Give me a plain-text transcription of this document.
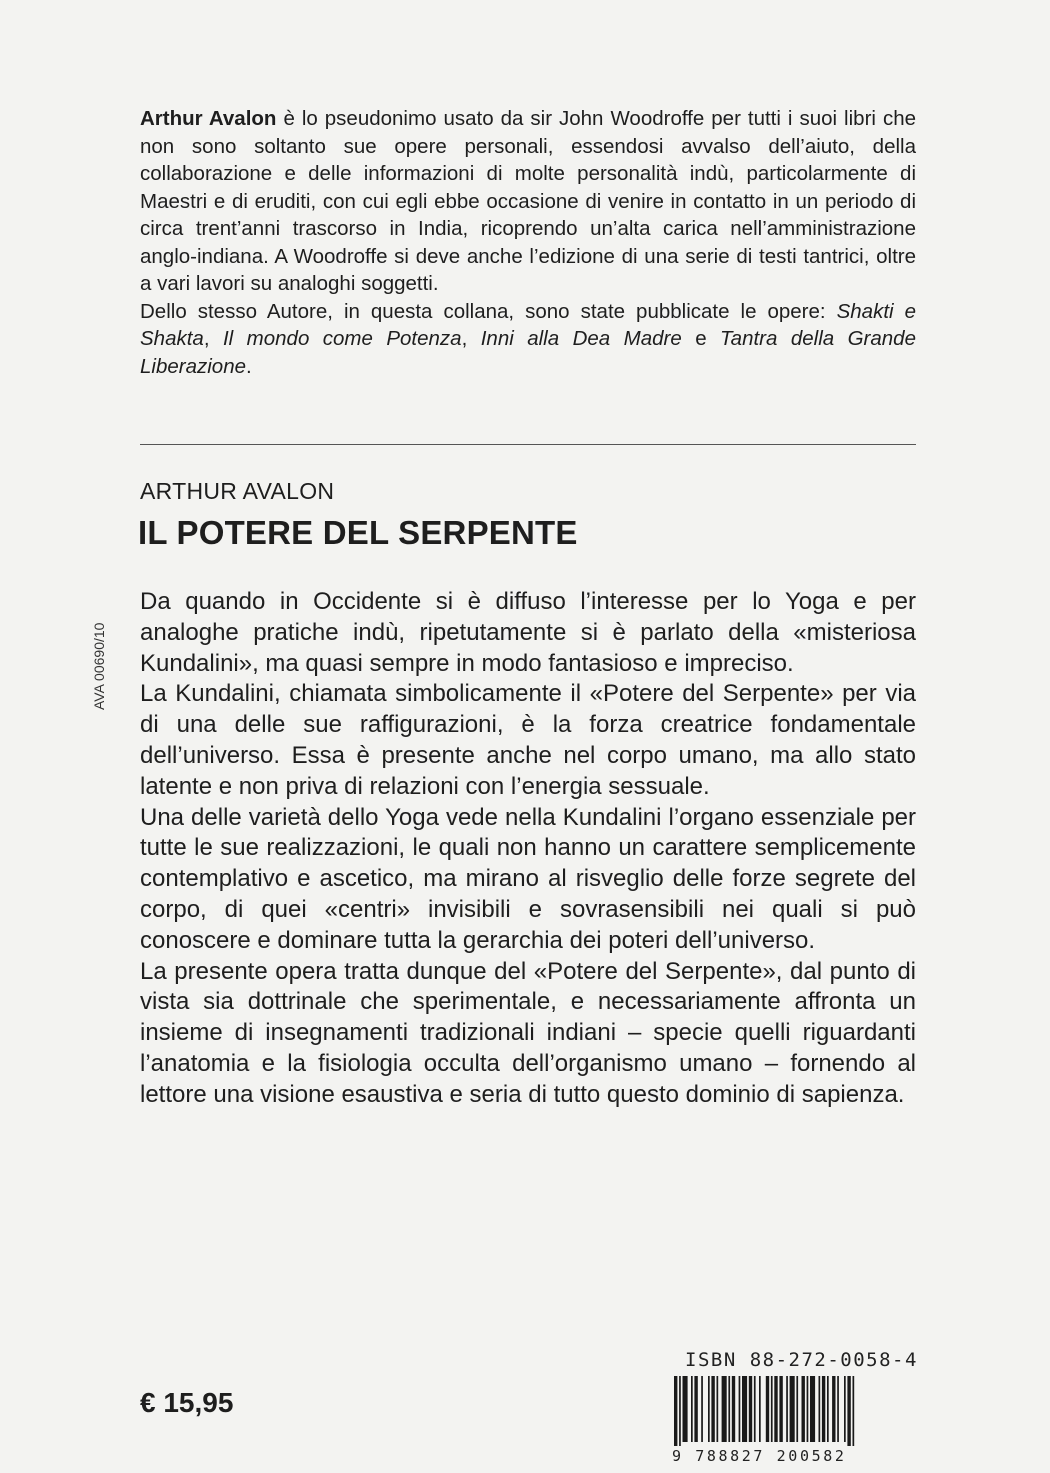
Arthur Avalon è lo pseudonimo usato da sir John Woodroffe per tutti i suoi libri che non sono soltanto sue opere personali, essendosi avvalso dell’aiuto, della collaborazione e delle informazioni di molte personalità indù, particolarmente di Maestri e di eruditi, con cui egli ebbe occasione di venire in contatto in un periodo di circa trent’anni trascorso in India, ricoprendo un’alta carica nell’amministrazione anglo-indiana. A Woodroffe si deve anche l’edizione di una serie di testi tantrici, oltre a vari lavori su analoghi soggetti.

Dello stesso Autore, in questa collana, sono state pubblicate le opere: Shakti e Shakta, Il mondo come Potenza, Inni alla Dea Madre e Tantra della Grande Liberazione.

ARTHUR AVALON
IL POTERE DEL SERPENTE
AVA 00690/10

Da quando in Occidente si è diffuso l’interesse per lo Yoga e per analoghe pratiche indù, ripetutamente si è parlato della «misteriosa Kundalini», ma quasi sempre in modo fantasioso e impreciso.

La Kundalini, chiamata simbolicamente il «Potere del Serpente» per via di una delle sue raffigurazioni, è la forza creatrice fondamentale dell’universo. Essa è presente anche nel corpo umano, ma allo stato latente e non priva di relazioni con l’energia sessuale.

Una delle varietà dello Yoga vede nella Kundalini l’organo essenziale per tutte le sue realizzazioni, le quali non hanno un carattere semplicemente contemplativo e ascetico, ma mirano al risveglio delle forze segrete del corpo, di quei «centri» invisibili e sovrasensibili nei quali si può conoscere e dominare tutta la gerarchia dei poteri dell’universo.

La presente opera tratta dunque del «Potere del Serpente», dal punto di vista sia dottrinale che sperimentale, e necessariamente affronta un insieme di insegnamenti tradizionali indiani – specie quelli riguardanti l’anatomia e la fisiologia occulta dell’organismo umano – fornendo al lettore una visione esaustiva e seria di tutto questo dominio di sapienza.

€ 15,95
ISBN 88-272-0058-4
9 788827 200582
